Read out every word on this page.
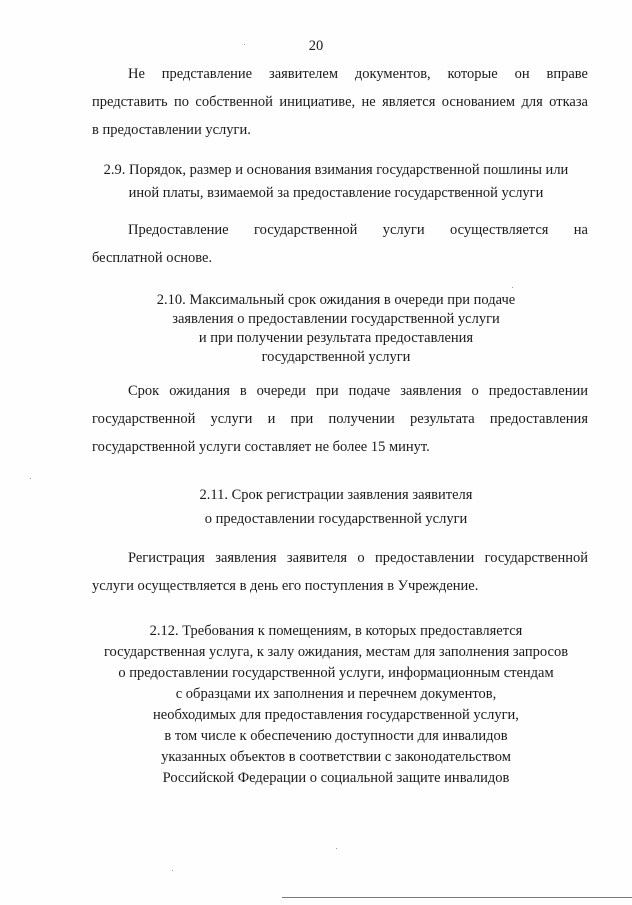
20
Не представление заявителем документов, которые он вправе
представить по собственной инициативе, не является основанием для отказа
в предоставлении услуги.
2.9. Порядок, размер и основания взимания государственной пошлины или
иной платы, взимаемой за предоставление государственной услуги
Предоставление государственной услуги осуществляется на
бесплатной основе.
2.10. Максимальный срок ожидания в очереди при подаче
заявления о предоставлении государственной услуги
и при получении результата предоставления
государственной услуги
Срок ожидания в очереди при подаче заявления о предоставлении
государственной услуги и при получении результата предоставления
государственной услуги составляет не более 15 минут.
2.11. Срок регистрации заявления заявителя
о предоставлении государственной услуги
Регистрация заявления заявителя о предоставлении государственной
услуги осуществляется в день его поступления в Учреждение.
2.12. Требования к помещениям, в которых предоставляется
государственная услуга, к залу ожидания, местам для заполнения запросов
о предоставлении государственной услуги, информационным стендам
с образцами их заполнения и перечнем документов,
необходимых для предоставления государственной услуги,
в том числе к обеспечению доступности для инвалидов
указанных объектов в соответствии с законодательством
Российской Федерации о социальной защите инвалидов
